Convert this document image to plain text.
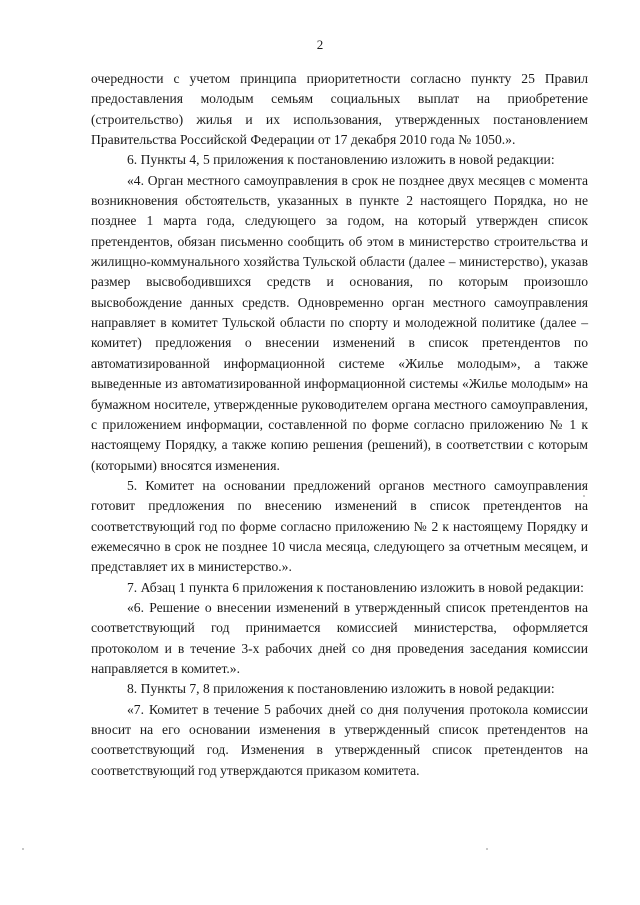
2

очередности с учетом принципа приоритетности согласно пункту 25 Правил предоставления молодым семьям социальных выплат на приобретение (строительство) жилья и их использования, утвержденных постановлением Правительства Российской Федерации от 17 декабря 2010 года № 1050.».

6. Пункты 4, 5 приложения к постановлению изложить в новой редакции:

«4. Орган местного самоуправления в срок не позднее двух месяцев с момента возникновения обстоятельств, указанных в пункте 2 настоящего Порядка, но не позднее 1 марта года, следующего за годом, на который утвержден список претендентов, обязан письменно сообщить об этом в министерство строительства и жилищно-коммунального хозяйства Тульской области (далее – министерство), указав размер высвободившихся средств и основания, по которым произошло высвобождение данных средств. Одновременно орган местного самоуправления направляет в комитет Тульской области по спорту и молодежной политике (далее – комитет) предложения о внесении изменений в список претендентов по автоматизированной информационной системе «Жилье молодым», а также выведенные из автоматизированной информационной системы «Жилье молодым» на бумажном носителе, утвержденные руководителем органа местного самоуправления, с приложением информации, составленной по форме согласно приложению № 1 к настоящему Порядку, а также копию решения (решений), в соответствии с которым (которыми) вносятся изменения.

5. Комитет на основании предложений органов местного самоуправления готовит предложения по внесению изменений в список претендентов на соответствующий год по форме согласно приложению № 2 к настоящему Порядку и ежемесячно в срок не позднее 10 числа месяца, следующего за отчетным месяцем, и представляет их в министерство.».

7. Абзац 1 пункта 6 приложения к постановлению изложить в новой редакции:

«6. Решение о внесении изменений в утвержденный список претендентов на соответствующий год принимается комиссией министерства, оформляется протоколом и в течение 3-х рабочих дней со дня проведения заседания комиссии направляется в комитет.».

8. Пункты 7, 8 приложения к постановлению изложить в новой редакции:

«7. Комитет в течение 5 рабочих дней со дня получения протокола комиссии вносит на его основании изменения в утвержденный список претендентов на соответствующий год. Изменения в утвержденный список претендентов на соответствующий год утверждаются приказом комитета.
